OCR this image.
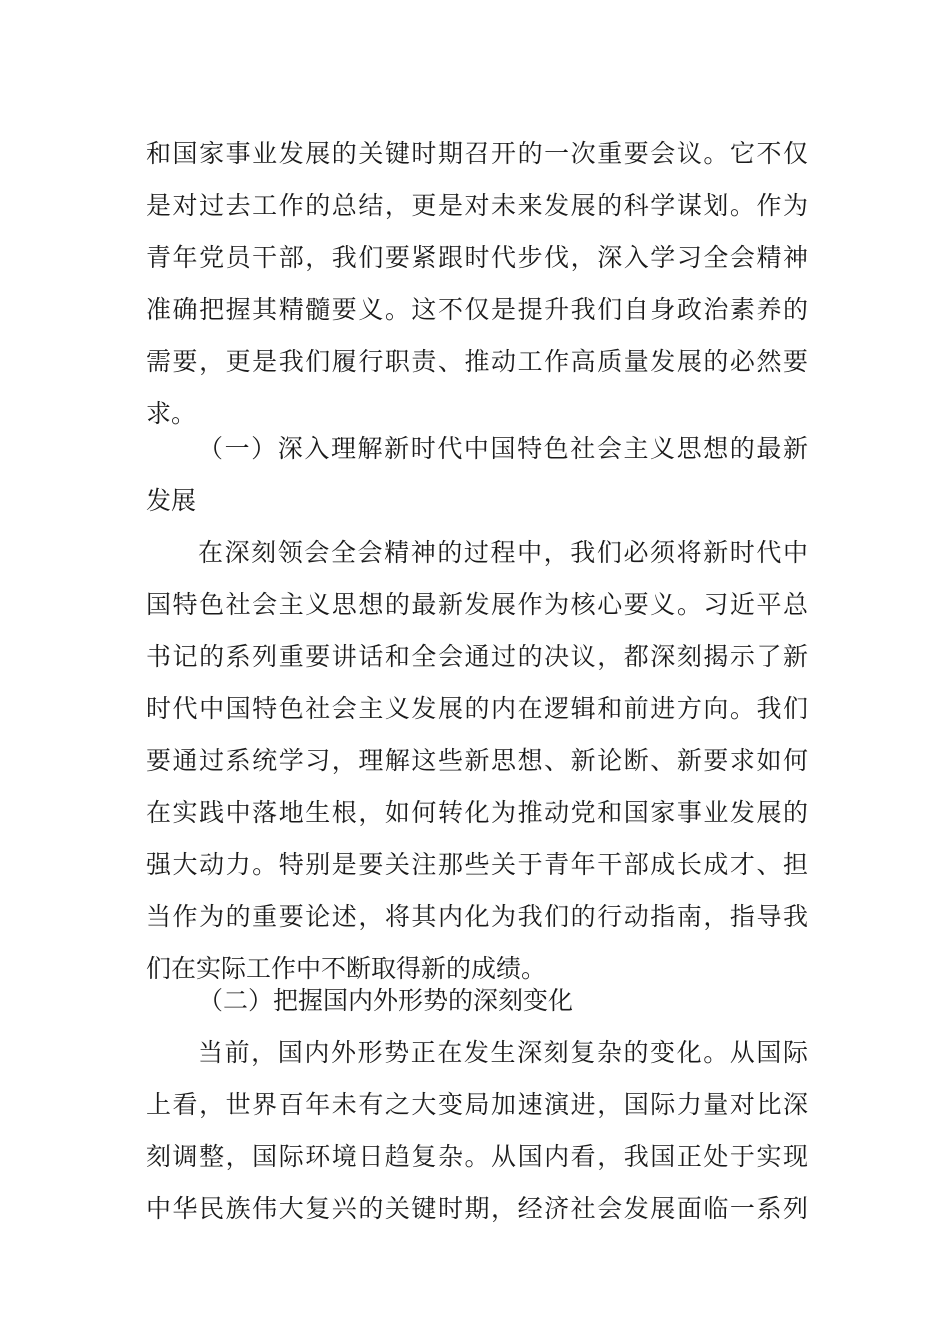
和国家事业发展的关键时期召开的一次重要会议。它不仅
是对过去工作的总结，更是对未来发展的科学谋划。作为
青年党员干部，我们要紧跟时代步伐，深入学习全会精神
准确把握其精髓要义。这不仅是提升我们自身政治素养的
需要，更是我们履行职责、推动工作高质量发展的必然要
求。
（一）深入理解新时代中国特色社会主义思想的最新
发展
在深刻领会全会精神的过程中，我们必须将新时代中
国特色社会主义思想的最新发展作为核心要义。习近平总
书记的系列重要讲话和全会通过的决议，都深刻揭示了新
时代中国特色社会主义发展的内在逻辑和前进方向。我们
要通过系统学习，理解这些新思想、新论断、新要求如何
在实践中落地生根，如何转化为推动党和国家事业发展的
强大动力。特别是要关注那些关于青年干部成长成才、担
当作为的重要论述，将其内化为我们的行动指南，指导我
们在实际工作中不断取得新的成绩。
（二）把握国内外形势的深刻变化
当前，国内外形势正在发生深刻复杂的变化。从国际
上看，世界百年未有之大变局加速演进，国际力量对比深
刻调整，国际环境日趋复杂。从国内看，我国正处于实现
中华民族伟大复兴的关键时期，经济社会发展面临一系列
